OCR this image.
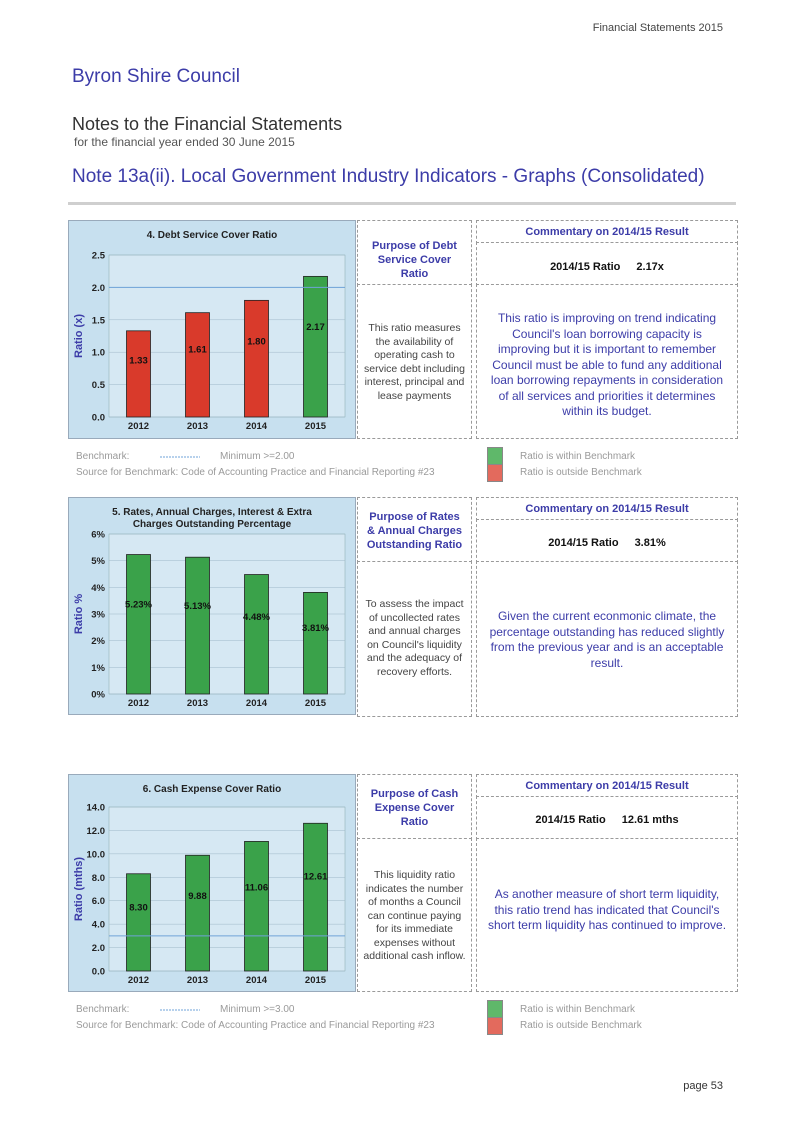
Financial Statements 2015
Byron Shire Council
Notes to the Financial Statements
for the financial year ended 30 June 2015
Note 13a(ii). Local Government Industry Indicators - Graphs (Consolidated)
4. Debt Service Cover Ratio
0.0
0.5
1.0
1.5
2.0
2.5
Ratio (x)
1.33
2012
1.61
2013
1.80
2014
2.17
2015
Purpose of Debt Service Cover Ratio
This ratio measures the availability of operating cash to service debt including interest, principal and lease payments
Commentary on 2014/15 Result
2014/15 Ratio 2.17x
This ratio is improving on trend indicating Council's loan borrowing capacity is improving but it is important to remember Council must be able to fund any additional loan borrowing repayments in consideration of all services and priorities it determines within its budget.
Benchmark:	Minimum >=2.00
Source for Benchmark: Code of Accounting Practice and Financial Reporting #23
Ratio is within Benchmark
Ratio is outside Benchmark
5. Rates, Annual Charges, Interest & Extra
Charges Outstanding Percentage
0%
1%
2%
3%
4%
5%
6%
Ratio %	5.23%
2012
5.13%
2013
4.48%
2014
3.81%
2015
Purpose of Rates & Annual Charges Outstanding Ratio
To assess the impact of uncollected rates and annual charges on Council's liquidity and the adequacy of recovery efforts.
Commentary on 2014/15 Result
2014/15 Ratio 3.81%
Given the current econmonic climate, the percentage outstanding has reduced slightly from the previous year and is an acceptable result.
6. Cash Expense Cover Ratio
0.0
2.0
4.0
6.0
8.0
10.0
12.0
14.0
Ratio (mths)	8.30
2012
9.88
2013
11.06
2014
12.61
2015
Purpose of Cash Expense Cover Ratio
This liquidity ratio indicates the number of months a Council can continue paying for its immediate expenses without additional cash inflow.
Commentary on 2014/15 Result
2014/15 Ratio 12.61 mths
As another measure of short term liquidity, this ratio trend has indicated that Council's short term liquidity has continued to improve.
Benchmark:	Minimum >=3.00
Source for Benchmark: Code of Accounting Practice and Financial Reporting #23
Ratio is within Benchmark
Ratio is outside Benchmark
page 53
